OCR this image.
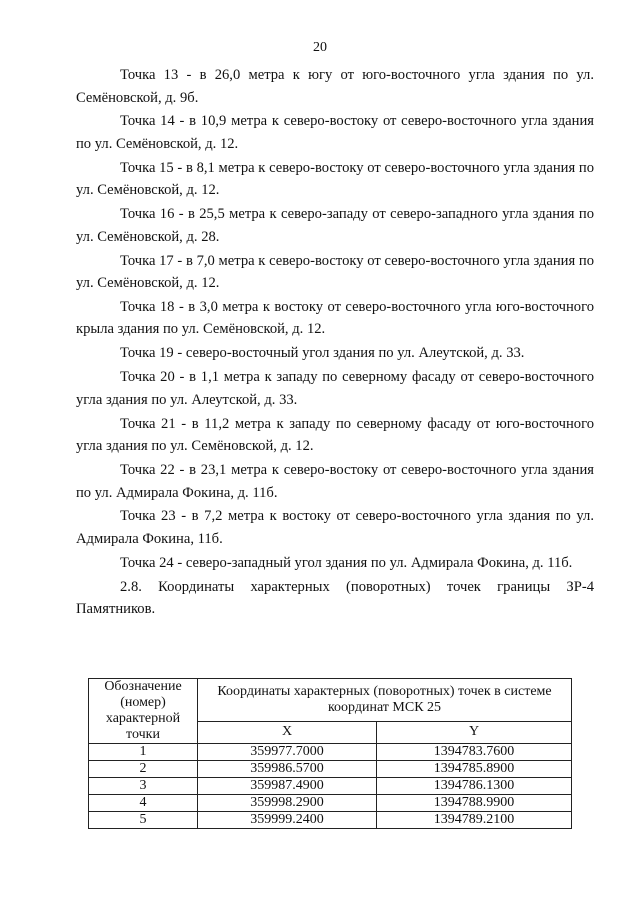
20

Точка 13 - в 26,0 метра к югу от юго-восточного угла здания по ул. Семёновской, д. 9б.

Точка 14 - в 10,9 метра к северо-востоку от северо-восточного угла здания по ул. Семёновской, д. 12.

Точка 15 - в 8,1 метра к северо-востоку от северо-восточного угла здания по ул. Семёновской, д. 12.

Точка 16 - в 25,5 метра к северо-западу от северо-западного угла здания по ул. Семёновской, д. 28.

Точка 17 - в 7,0 метра к северо-востоку от северо-восточного угла здания по ул. Семёновской, д. 12.

Точка 18 - в 3,0 метра к востоку от северо-восточного угла юго-восточного крыла здания по ул. Семёновской, д. 12.

Точка 19 - северо-восточный угол здания по ул. Алеутской, д. 33.

Точка 20 - в 1,1 метра к западу по северному фасаду от северо-восточного угла здания по ул. Алеутской, д. 33.

Точка 21 - в 11,2 метра к западу по северному фасаду от юго-восточного угла здания по ул. Семёновской, д. 12.

Точка 22 - в 23,1 метра к северо-востоку от северо-восточного угла здания по ул. Адмирала Фокина, д. 11б.

Точка 23 - в 7,2 метра к востоку от северо-восточного угла здания по ул. Адмирала Фокина, 11б.

Точка 24 - северо-западный угол здания по ул. Адмирала Фокина, д. 11б.

2.8. Координаты характерных (поворотных) точек границы ЗР-4 Памятников.

Обозначение (номер) характерной точки	Координаты характерных (поворотных) точек в системе координат МСК 25	
	X	Y
1	359977.7000	1394783.7600
2	359986.5700	1394785.8900
3	359987.4900	1394786.1300
4	359998.2900	1394788.9900
5	359999.2400	1394789.2100
